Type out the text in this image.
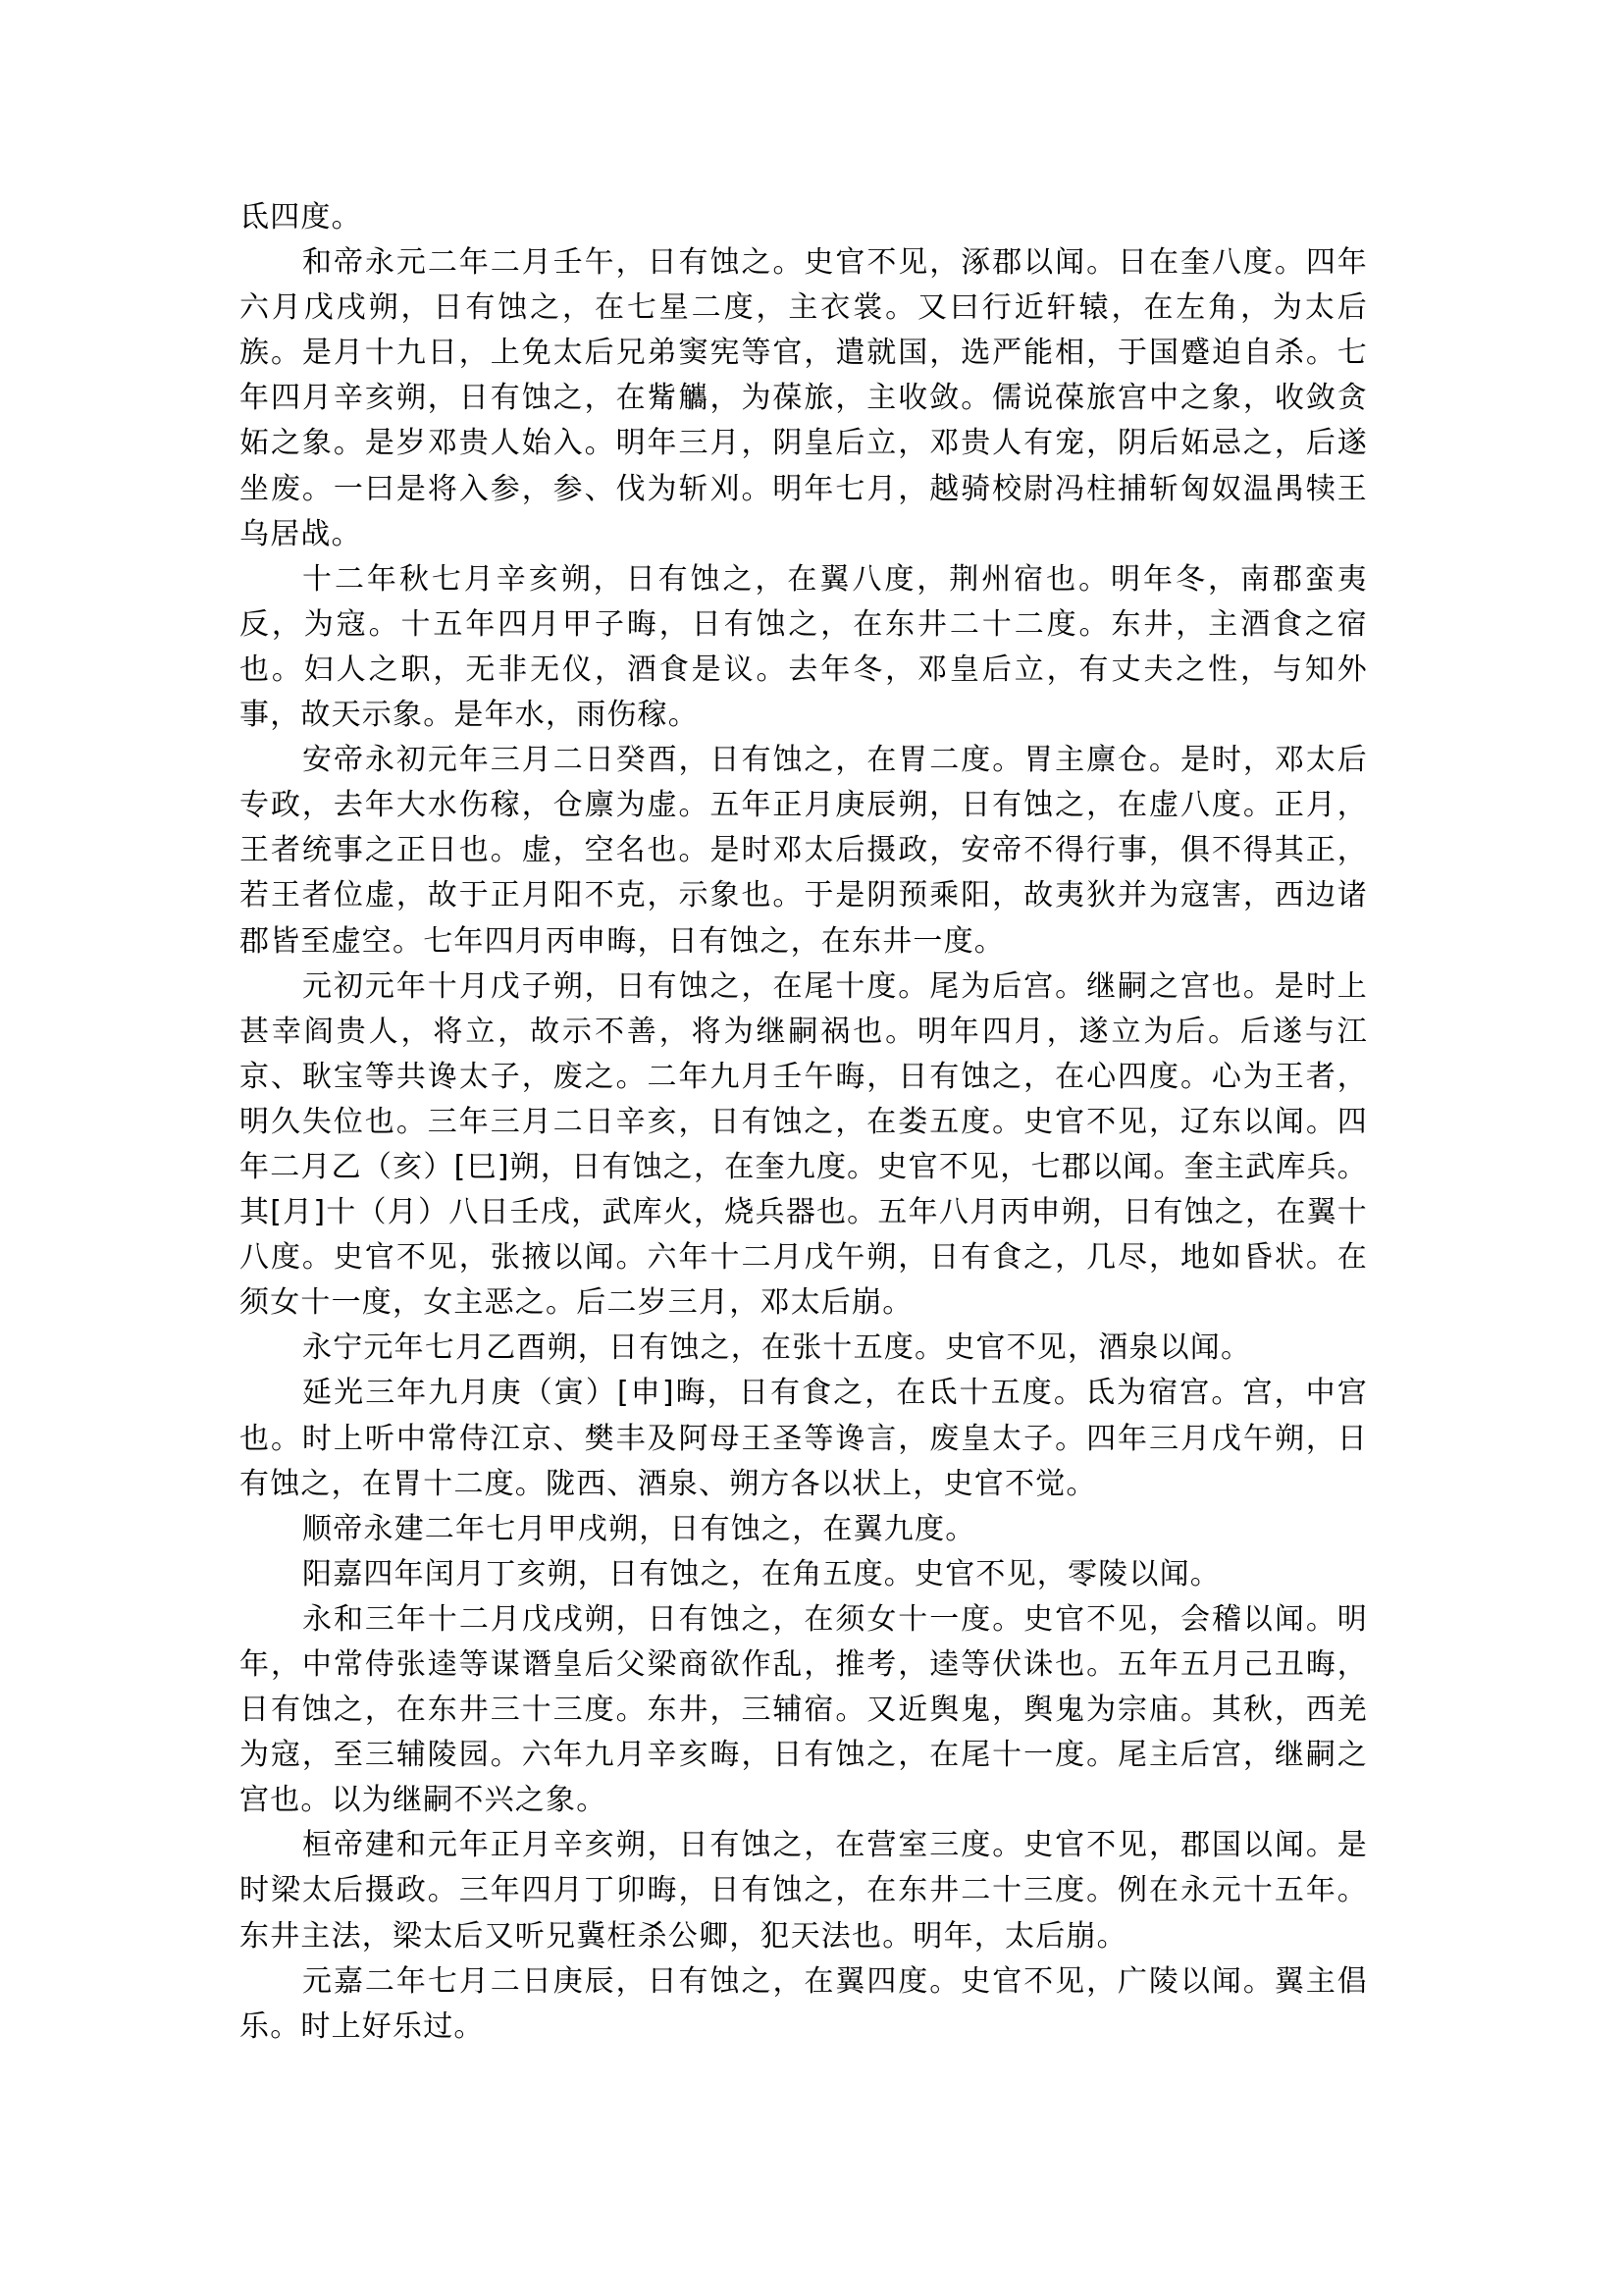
氐四度。

和帝永元二年二月壬午，日有蚀之。史官不见，涿郡以闻。日在奎八度。四年六月戊戌朔，日有蚀之，在七星二度，主衣裳。又曰行近轩辕，在左角，为太后族。是月十九日，上免太后兄弟窦宪等官，遣就国，选严能相，于国蹙迫自杀。七年四月辛亥朔，日有蚀之，在觜觿，为葆旅，主收敛。儒说葆旅宫中之象，收敛贪妬之象。是岁邓贵人始入。明年三月，阴皇后立，邓贵人有宠，阴后妬忌之，后遂坐废。一曰是将入参，参、伐为斩刈。明年七月，越骑校尉冯柱捕斩匈奴温禺犊王乌居战。

十二年秋七月辛亥朔，日有蚀之，在翼八度，荆州宿也。明年冬，南郡蛮夷反，为寇。十五年四月甲子晦，日有蚀之，在东井二十二度。东井，主酒食之宿也。妇人之职，无非无仪，酒食是议。去年冬，邓皇后立，有丈夫之性，与知外事，故天示象。是年水，雨伤稼。

安帝永初元年三月二日癸酉，日有蚀之，在胃二度。胃主廪仓。是时，邓太后专政，去年大水伤稼，仓廪为虚。五年正月庚辰朔，日有蚀之，在虚八度。正月，王者统事之正日也。虚，空名也。是时邓太后摄政，安帝不得行事，俱不得其正，若王者位虚，故于正月阳不克，示象也。于是阴预乘阳，故夷狄并为寇害，西边诸郡皆至虚空。七年四月丙申晦，日有蚀之，在东井一度。

元初元年十月戊子朔，日有蚀之，在尾十度。尾为后宫。继嗣之宫也。是时上甚幸阎贵人，将立，故示不善，将为继嗣祸也。明年四月，遂立为后。后遂与江京、耿宝等共谗太子，废之。二年九月壬午晦，日有蚀之，在心四度。心为王者，明久失位也。三年三月二日辛亥，日有蚀之，在娄五度。史官不见，辽东以闻。四年二月乙（亥）[巳]朔，日有蚀之，在奎九度。史官不见，七郡以闻。奎主武库兵。其[月]十（月）八日壬戌，武库火，烧兵器也。五年八月丙申朔，日有蚀之，在翼十八度。史官不见，张掖以闻。六年十二月戊午朔，日有食之，几尽，地如昏状。在须女十一度，女主恶之。后二岁三月，邓太后崩。

永宁元年七月乙酉朔，日有蚀之，在张十五度。史官不见，酒泉以闻。

延光三年九月庚（寅）[申]晦，日有食之，在氐十五度。氐为宿宫。宫，中宫也。时上听中常侍江京、樊丰及阿母王圣等谗言，废皇太子。四年三月戊午朔，日有蚀之，在胃十二度。陇西、酒泉、朔方各以状上，史官不觉。

顺帝永建二年七月甲戌朔，日有蚀之，在翼九度。

阳嘉四年闰月丁亥朔，日有蚀之，在角五度。史官不见，零陵以闻。

永和三年十二月戊戌朔，日有蚀之，在须女十一度。史官不见，会稽以闻。明年，中常侍张逵等谋谮皇后父梁商欲作乱，推考，逵等伏诛也。五年五月己丑晦，日有蚀之，在东井三十三度。东井，三辅宿。又近舆鬼，舆鬼为宗庙。其秋，西羌为寇，至三辅陵园。六年九月辛亥晦，日有蚀之，在尾十一度。尾主后宫，继嗣之宫也。以为继嗣不兴之象。

桓帝建和元年正月辛亥朔，日有蚀之，在营室三度。史官不见，郡国以闻。是时梁太后摄政。三年四月丁卯晦，日有蚀之，在东井二十三度。例在永元十五年。东井主法，梁太后又听兄冀枉杀公卿，犯天法也。明年，太后崩。

元嘉二年七月二日庚辰，日有蚀之，在翼四度。史官不见，广陵以闻。翼主倡乐。时上好乐过。
